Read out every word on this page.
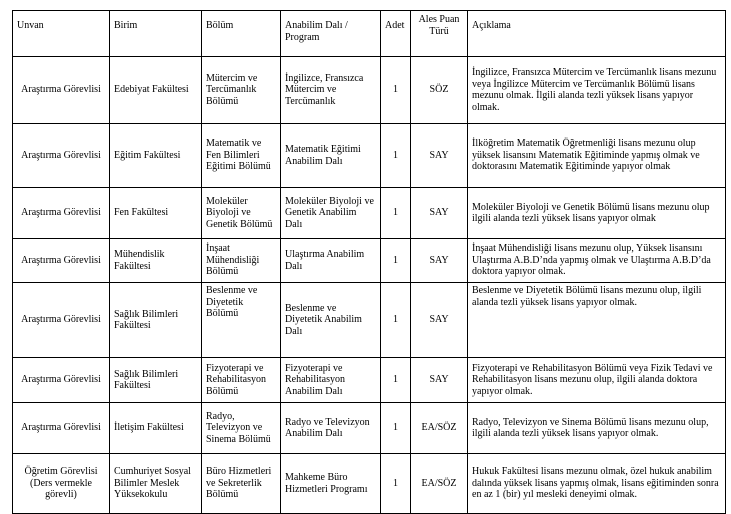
Unvan	Birim	Bölüm	Anabilim Dalı / Program	Adet	Ales Puan Türü	Açıklama
Araştırma Görevlisi	Edebiyat Fakültesi	Mütercim ve Tercümanlık Bölümü	İngilizce, Fransızca Mütercim ve Tercümanlık	1	SÖZ	İngilizce, Fransızca Mütercim ve Tercümanlık lisans mezunu veya İngilizce Mütercim ve Tercümanlık Bölümü lisans mezunu olmak. İlgili alanda tezli yüksek lisans yapıyor olmak.
Araştırma Görevlisi	Eğitim Fakültesi	Matematik ve Fen Bilimleri Eğitimi Bölümü	Matematik Eğitimi Anabilim Dalı	1	SAY	İlköğretim Matematik Öğretmenliği lisans mezunu olup yüksek lisansını Matematik Eğitiminde yapmış olmak ve doktorasını Matematik Eğitiminde yapıyor olmak
Araştırma Görevlisi	Fen Fakültesi	Moleküler Biyoloji ve Genetik Bölümü	Moleküler Biyoloji ve Genetik Anabilim Dalı	1	SAY	Moleküler Biyoloji ve Genetik Bölümü lisans mezunu olup ilgili alanda tezli yüksek lisans yapıyor olmak
Araştırma Görevlisi	Mühendislik Fakültesi	İnşaat Mühendisliği Bölümü	Ulaştırma Anabilim Dalı	1	SAY	İnşaat Mühendisliği lisans mezunu olup, Yüksek lisansını Ulaştırma A.B.D’nda yapmış olmak ve Ulaştırma A.B.D’da doktora yapıyor olmak.
Araştırma Görevlisi	Sağlık Bilimleri Fakültesi	Beslenme ve Diyetetik Bölümü	Beslenme ve Diyetetik Anabilim Dalı	1	SAY	Beslenme ve Diyetetik Bölümü lisans mezunu olup, ilgili alanda tezli yüksek lisans yapıyor olmak.
Araştırma Görevlisi	Sağlık Bilimleri Fakültesi	Fizyoterapi ve Rehabilitasyon Bölümü	Fizyoterapi ve Rehabilitasyon Anabilim Dalı	1	SAY	Fizyoterapi ve Rehabilitasyon Bölümü veya Fizik Tedavi ve Rehabilitasyon lisans mezunu olup, ilgili alanda doktora yapıyor olmak.
Araştırma Görevlisi	İletişim Fakültesi	Radyo, Televizyon ve Sinema Bölümü	Radyo ve Televizyon Anabilim Dalı	1	EA/SÖZ	Radyo, Televizyon ve Sinema Bölümü lisans mezunu olup, ilgili alanda tezli yüksek lisans yapıyor olmak.
Öğretim Görevlisi (Ders vermekle görevli)	Cumhuriyet Sosyal Bilimler Meslek Yüksekokulu	Büro Hizmetleri ve Sekreterlik Bölümü	Mahkeme Büro Hizmetleri Programı	1	EA/SÖZ	Hukuk Fakültesi lisans mezunu olmak, özel hukuk anabilim dalında yüksek lisans yapmış olmak, lisans eğitiminden sonra en az 1 (bir) yıl mesleki deneyimi olmak.
